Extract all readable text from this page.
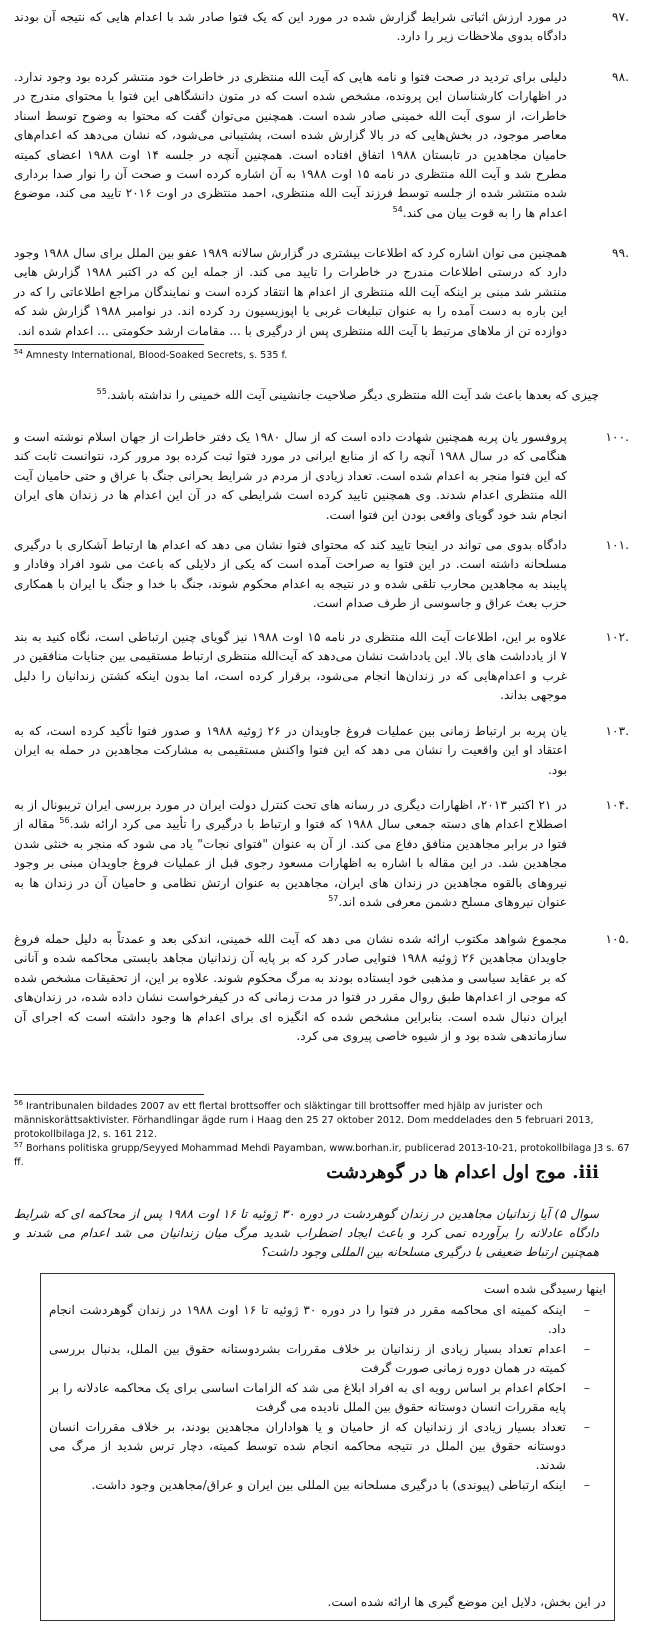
۹۷.
در مورد ارزش اثباتی شرایط گزارش شده در مورد این که یک فتوا صادر شد با اعدام هایی که نتیجه آن بودند دادگاه بدوی ملاحظات زیر را دارد.
۹۸.
دلیلی برای تردید در صحت فتوا و نامه هایی که آیت الله منتظری در خاطرات خود منتشر کرده بود وجود ندارد. در اظهارات کارشناسان این پرونده، مشخص شده است که در متون دانشگاهی این فتوا با محتوای مندرج در خاطرات، از سوی آیت الله خمینی صادر شده است. همچنین می‌توان گفت که محتوا به وضوح توسط اسناد معاصر موجود، در بخش‌هایی که در بالا گزارش شده است، پشتیبانی می‌شود، که نشان می‌دهد که اعدام‌های حامیان مجاهدین در تابستان ۱۹۸۸ اتفاق افتاده است. همچنین آنچه در جلسه ۱۴ اوت ۱۹۸۸ اعضای کمیته مطرح شد و آیت الله منتظری در نامه ۱۵ اوت ۱۹۸۸ به آن اشاره کرده است و صحت آن را نوار صدا برداری شده منتشر شده از جلسه توسط فرزند آیت الله منتظری، احمد منتظری در اوت ۲۰۱۶ تایید می کند، موضوع اعدام ها را به قوت بیان می کند.$^{54}$
۹۹.
همچنین می توان اشاره کرد که اطلاعات بیشتری در گزارش سالانه ۱۹۸۹ عفو بین الملل برای سال ۱۹۸۸ وجود دارد که درستی اطلاعات مندرج در خاطرات را تایید می کند. از جمله این که در اکتبر ۱۹۸۸ گزارش هایی منتشر شد مبنی بر اینکه آیت الله منتظری از اعدام ها انتقاد کرده است و نمایندگان مراجع اطلاعاتی را که در این باره به دست آمده را به عنوان تبلیغات غربی یا اپوزیسیون رد کرده اند. در نوامبر ۱۹۸۸ گزارش شد که دوازده تن از ملاهای مرتبط با آیت الله منتظری پس از درگیری با ... مقامات ارشد حکومتی ... اعدام شده اند.
$^{54}$ Amnesty International, Blood-Soaked Secrets, s. 535 f.
چیزی که بعدها باعث شد آیت الله منتظری دیگر صلاحیت جانشینی آیت الله خمینی را نداشته باشد.$^{55}$
۱۰۰.
پروفسور یان پربه همچنین شهادت داده است که از سال ۱۹۸۰ یک دفتر خاطرات از جهان اسلام نوشته است و هنگامی که در سال ۱۹۸۸ آنچه را که از منابع ایرانی در مورد فتوا ثبت کرده بود مرور کرد، نتوانست ثابت کند که این فتوا منجر به اعدام شده است. تعداد زیادی از مردم در شرایط بحرانی جنگ با عراق و حتی حامیان آیت الله منتظری اعدام شدند. وی همچنین تایید کرده است شرایطی که در آن این اعدام ها در زندان های ایران انجام شد خود گویای واقعی بودن این فتوا است.
۱۰۱.
دادگاه بدوی می تواند در اینجا تایید کند که محتوای فتوا نشان می دهد که اعدام ها ارتباط آشکاری با درگیری مسلحانه داشته است. در این فتوا به صراحت آمده است که یکی از دلایلی که باعث می شود افراد وفادار و پایبند به مجاهدین محارب تلقی شده و در نتیجه به اعدام محکوم شوند، جنگ با خدا و جنگ با ایران با همکاری حزب بعث عراق و جاسوسی از طرف صدام است.
۱۰۲.
علاوه بر این، اطلاعات آیت الله منتظری در نامه ۱۵ اوت ۱۹۸۸ نیز گویای چنین ارتباطی است، نگاه کنید به بند ۷ از یادداشت های بالا. این یادداشت نشان می‌دهد که آیت‌الله منتظری ارتباط مستقیمی بین جنایات منافقین در غرب و اعدام‌هایی که در زندان‌ها انجام می‌شود، برقرار کرده است، اما بدون اینکه کشتن زندانیان را دلیل موجهی بداند.
۱۰۳.
یان پربه بر ارتباط زمانی بین عملیات فروغ جاویدان در ۲۶ ژوئیه ۱۹۸۸ و صدور فتوا تأکید کرده است، که به اعتقاد او این واقعیت را نشان می دهد که این فتوا واکنش مستقیمی به مشارکت مجاهدین در حمله به ایران بود.
۱۰۴.
در ۲۱ اکتبر ۲۰۱۳، اظهارات دیگری در رسانه های تحت کنترل دولت ایران در مورد بررسی ایران تریبونال از به اصطلاح اعدام های دسته جمعی سال ۱۹۸۸ که فتوا و ارتباط با درگیری را تأیید می کرد ارائه شد.$^{56}$ مقاله از فتوا در برابر مجاهدین منافق دفاع می کند. از آن به عنوان "فتوای نجات" یاد می شود که منجر به خنثی شدن مجاهدین شد. در این مقاله با اشاره به اظهارات مسعود رجوی قبل از عملیات فروغ جاویدان مبنی بر وجود نیروهای بالقوه مجاهدین در زندان های ایران، مجاهدین به عنوان ارتش نظامی و حامیان آن در زندان ها به عنوان نیروهای مسلح دشمن معرفی شده اند.$^{57}$
۱۰۵.
مجموع شواهد مکتوب ارائه شده نشان می دهد که آیت الله خمینی، اندکی بعد و عمدتاً به دلیل حمله فروغ جاویدان مجاهدین ۲۶ ژوئیه ۱۹۸۸ فتوایی صادر کرد که بر پایه آن زندانیان مجاهد بایستی محاکمه شده و آنانی که بر عقاید سیاسی و مذهبی خود ایستاده بودند به مرگ محکوم شوند. علاوه بر این، از تحقیقات مشخص شده که موجی از اعدام‌ها طبق روال مقرر در فتوا در مدت زمانی که در کیفرخواست نشان داده شده، در زندان‌های ایران دنبال شده است. بنابراین مشخص شده که انگیزه ای برای اعدام ها وجود داشته است که اجرای آن سازماندهی شده بود و از شیوه خاصی پیروی می کرد.
$^{56}$ Irantribunalen bildades 2007 av ett flertal brottsoffer och släktingar till brottsoffer med hjälp av jurister och människorättsaktivister. Förhandlingar ägde rum i Haag den 25 27 oktober 2012. Dom meddelades den 5 februari 2013, protokollbilaga J2, s. 161 212.
$^{57}$ Borhans politiska grupp/Seyyed Mohammad Mehdi Payamban, www.borhan.ir, publicerad 2013-10-21, protokollbilaga J3 s. 67 ff.	iii. موج اول اعدام ها در گوهردشت
سوال ۵) آیا زندانیان مجاهدین در زندان گوهردشت در دوره ۳۰ ژوئیه تا ۱۶ اوت ۱۹۸۸ پس از محاکمه ای که شرایط دادگاه عادلانه را برآورده نمی کرد و باعث ایجاد اضطراب شدید مرگ میان زندانیان می شد اعدام می شدند و همچنین ارتباط ضعیفی با درگیری مسلحانه بین المللی وجود داشت؟
اینها رسیدگی شده است
–
اینکه کمیته ای محاکمه مقرر در فتوا را در دوره ۳۰ ژوئیه تا ۱۶ اوت ۱۹۸۸ در زندان گوهردشت انجام داد.
–
اعدام تعداد بسیار زیادی از زندانیان بر خلاف مقررات بشردوستانه حقوق بین الملل، بدنبال بررسی کمیته در همان دوره زمانی صورت گرفت
–
احکام اعدام بر اساس رویه ای به افراد ابلاغ می شد که الزامات اساسی برای یک محاکمه عادلانه را بر پایه مقررات انسان دوستانه حقوق بین الملل نادیده می گرفت
–
تعداد بسیار زیادی از زندانیان که از حامیان و یا هواداران مجاهدین بودند، بر خلاف مقررات انسان دوستانه حقوق بین الملل در نتیجه محاکمه انجام شده توسط کمیته، دچار ترس شدید از مرگ می شدند.
–
اینکه ارتباطی (پیوندی) با درگیری مسلحانه بین المللی بین ایران و عراق/مجاهدین وجود داشت.
در این بخش، دلایل این موضع گیری ها ارائه شده است.
